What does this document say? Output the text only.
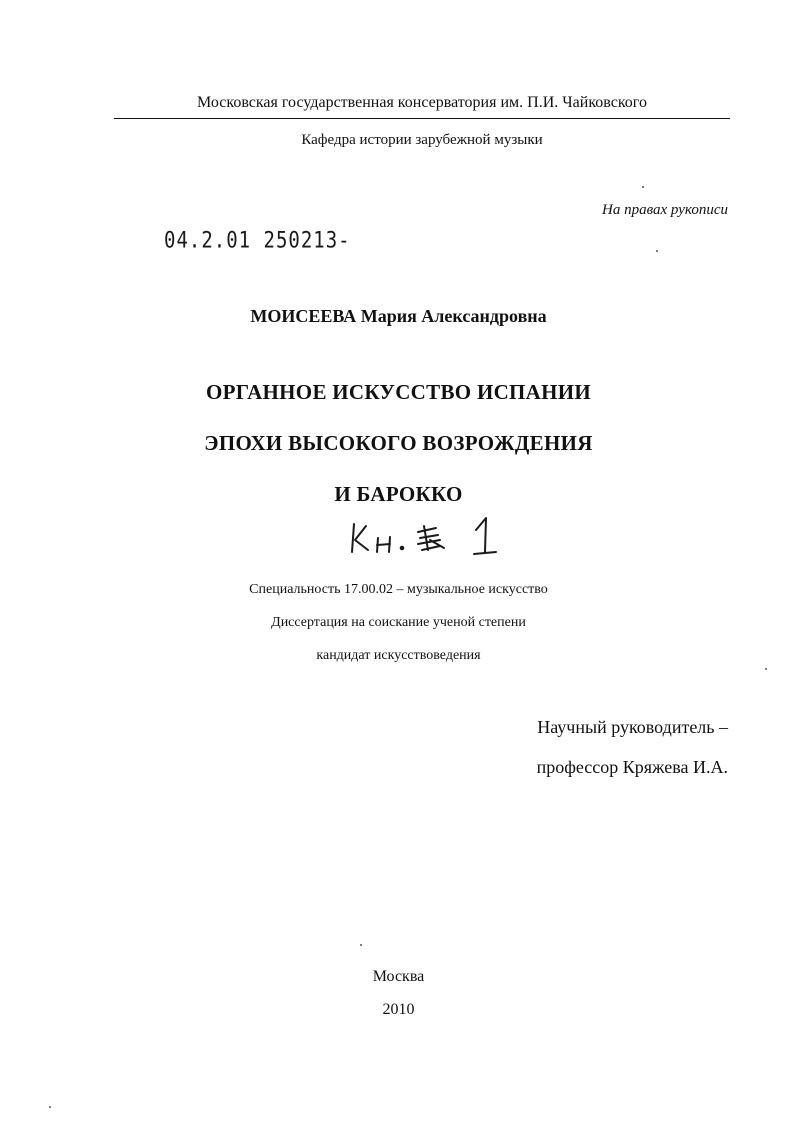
Московская государственная консерватория им. П.И. Чайковского
Кафедра истории зарубежной музыки
На правах рукописи
04.2.01 250213-
МОИСЕЕВА Мария Александровна
ОРГАННОЕ ИСКУССТВО ИСПАНИИ
ЭПОХИ ВЫСОКОГО ВОЗРОЖДЕНИЯ
И БАРОККО
Специальность 17.00.02 – музыкальное искусство
Диссертация на соискание ученой степени
кандидат искусствоведения
Научный руководитель –
профессор Кряжева И.А.
Москва
2010
